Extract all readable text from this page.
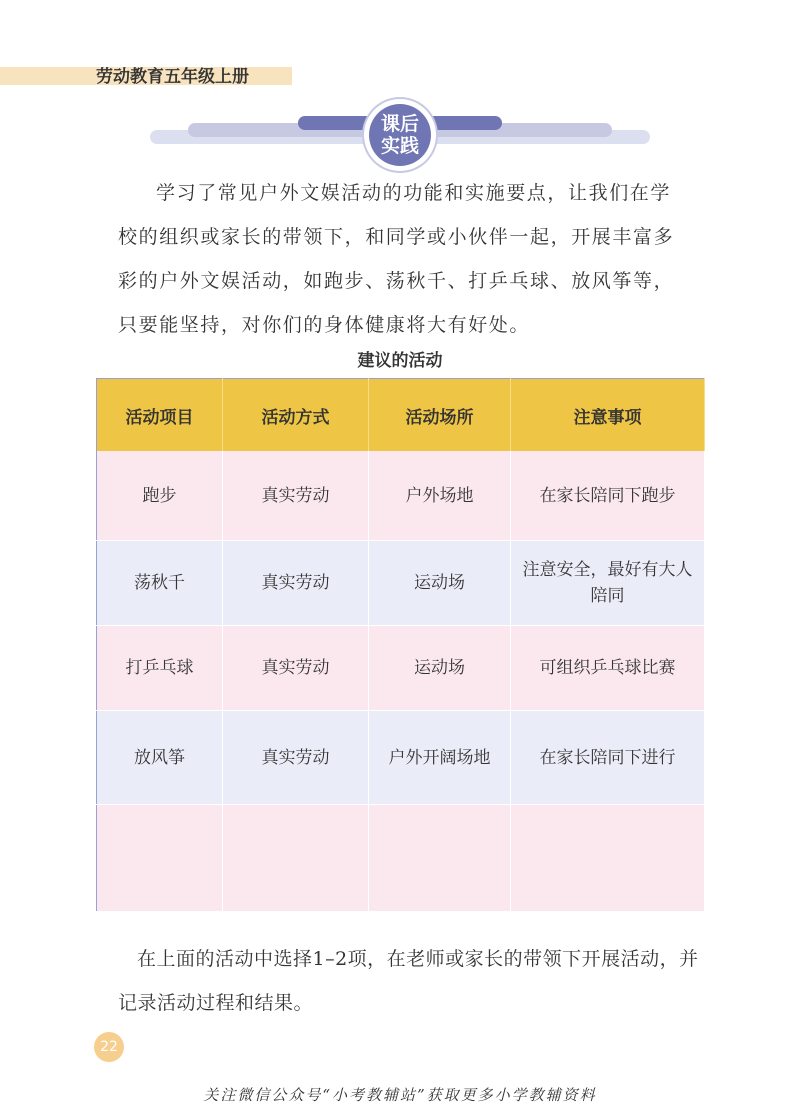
劳动教育五年级上册
课后
实践

学习了常见户外文娱活动的功能和实施要点，让我们在学校的组织或家长的带领下，和同学或小伙伴一起，开展丰富多彩的户外文娱活动，如跑步、荡秋千、打乒乓球、放风筝等，只要能坚持，对你们的身体健康将大有好处。

建议的活动
活动项目	活动方式	活动场所	注意事项
跑步	真实劳动	户外场地	在家长陪同下跑步
荡秋千	真实劳动	运动场	注意安全，最好有大人陪同
打乒乓球	真实劳动	运动场	可组织乒乓球比赛
放风筝	真实劳动	户外开阔场地	在家长陪同下进行

在上面的活动中选择1–2项，在老师或家长的带领下开展活动，并记录活动过程和结果。

22
关注微信公众号“小考教辅站”获取更多小学教辅资料
